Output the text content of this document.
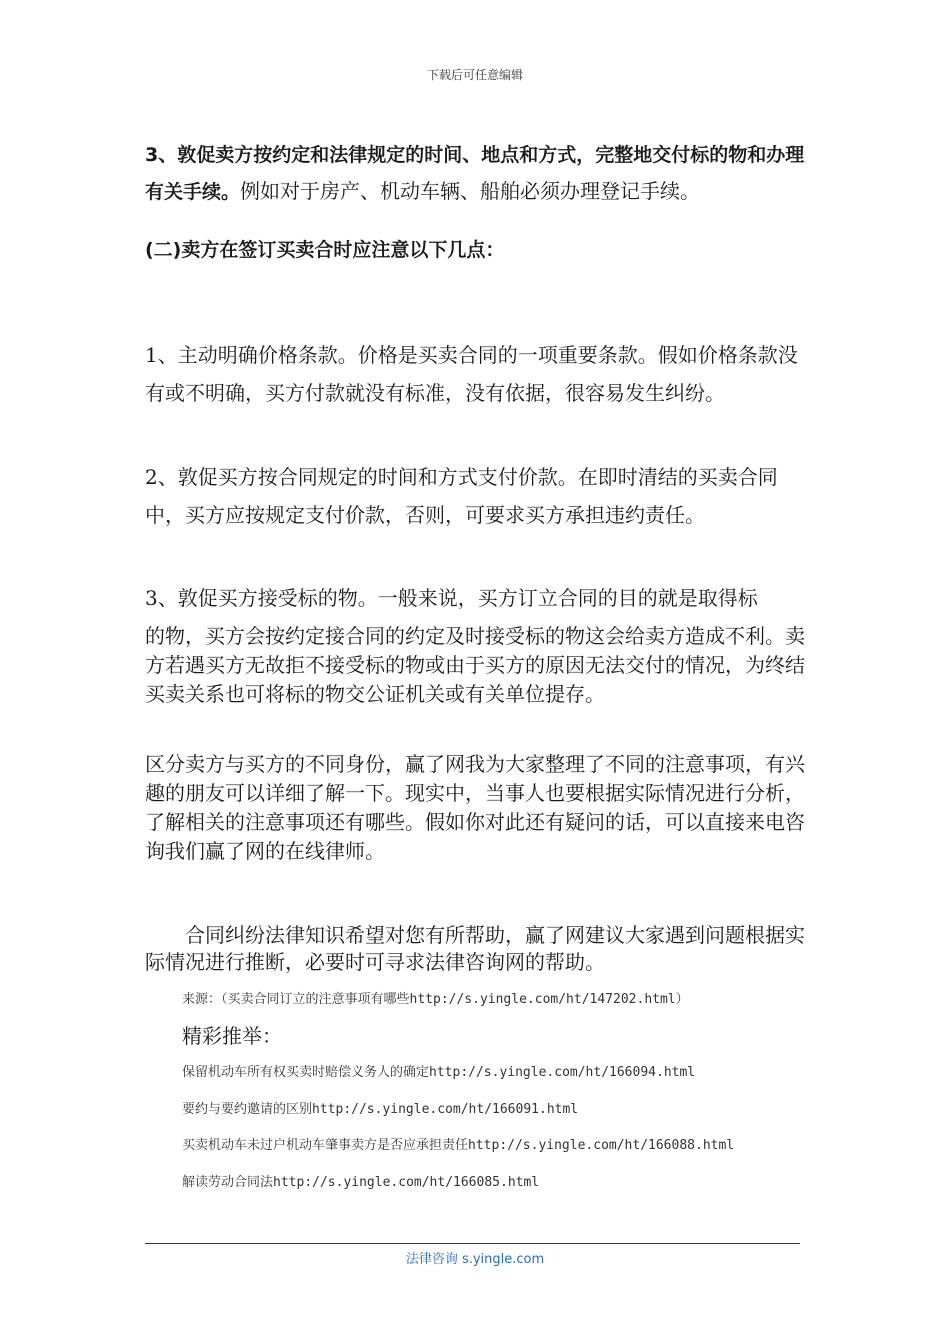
下载后可任意编辑
3、敦促卖方按约定和法律规定的时间、地点和方式，完整地交付标的物和办理有关手续。例如对于房产、机动车辆、船舶必须办理登记手续。
(二)卖方在签订买卖合时应注意以下几点：
1、主动明确价格条款。价格是买卖合同的一项重要条款。假如价格条款没有或不明确，买方付款就没有标准，没有依据，很容易发生纠纷。
2、敦促买方按合同规定的时间和方式支付价款。在即时清结的买卖合同中，买方应按规定支付价款，否则，可要求买方承担违约责任。
3、敦促买方接受标的物。一般来说，买方订立合同的目的就是取得标
的物，买方会按约定接合同的约定及时接受标的物这会给卖方造成不利。卖方若遇买方无故拒不接受标的物或由于买方的原因无法交付的情况，为终结买卖关系也可将标的物交公证机关或有关单位提存。
区分卖方与买方的不同身份，赢了网我为大家整理了不同的注意事项，有兴趣的朋友可以详细了解一下。现实中，当事人也要根据实际情况进行分析，了解相关的注意事项还有哪些。假如你对此还有疑问的话，可以直接来电咨询我们赢了网的在线律师。
合同纠纷法律知识希望对您有所帮助，赢了网建议大家遇到问题根据实际情况进行推断，必要时可寻求法律咨询网的帮助。
来源：（买卖合同订立的注意事项有哪些http://s.yingle.com/ht/147202.html）
精彩推举：
保留机动车所有权买卖时赔偿义务人的确定http://s.yingle.com/ht/166094.html
要约与要约邀请的区别http://s.yingle.com/ht/166091.html
买卖机动车未过户机动车肇事卖方是否应承担责任http://s.yingle.com/ht/166088.html
解读劳动合同法http://s.yingle.com/ht/166085.html
法律咨询 s.yingle.com
